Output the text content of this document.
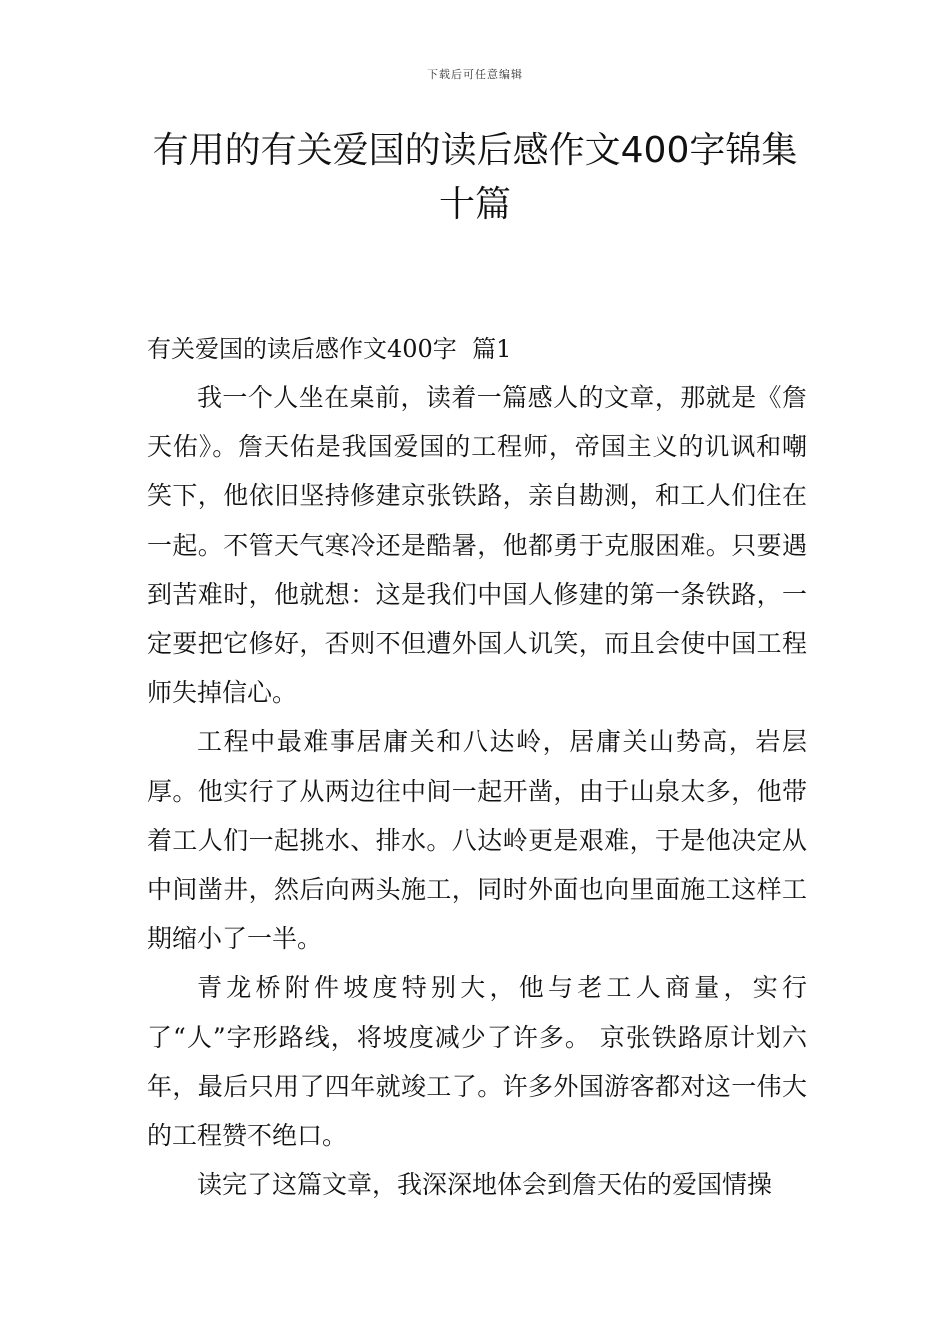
下载后可任意编辑
有用的有关爱国的读后感作文400字锦集十篇
有关爱国的读后感作文400字  篇1

我一个人坐在桌前，读着一篇感人的文章，那就是《詹天佑》。詹天佑是我国爱国的工程师，帝国主义的讥讽和嘲笑下，他依旧坚持修建京张铁路，亲自勘测，和工人们住在一起。不管天气寒冷还是酷暑，他都勇于克服困难。只要遇到苦难时，他就想：这是我们中国人修建的第一条铁路，一定要把它修好，否则不但遭外国人讥笑，而且会使中国工程师失掉信心。

工程中最难事居庸关和八达岭，居庸关山势高，岩层厚。他实行了从两边往中间一起开凿，由于山泉太多，他带着工人们一起挑水、排水。八达岭更是艰难，于是他决定从中间凿井，然后向两头施工，同时外面也向里面施工这样工期缩小了一半。

青龙桥附件坡度特别大，他与老工人商量，实行了“人”字形路线，将坡度减少了许多。 京张铁路原计划六年，最后只用了四年就竣工了。许多外国游客都对这一伟大的工程赞不绝口。

读完了这篇文章，我深深地体会到詹天佑的爱国情操
